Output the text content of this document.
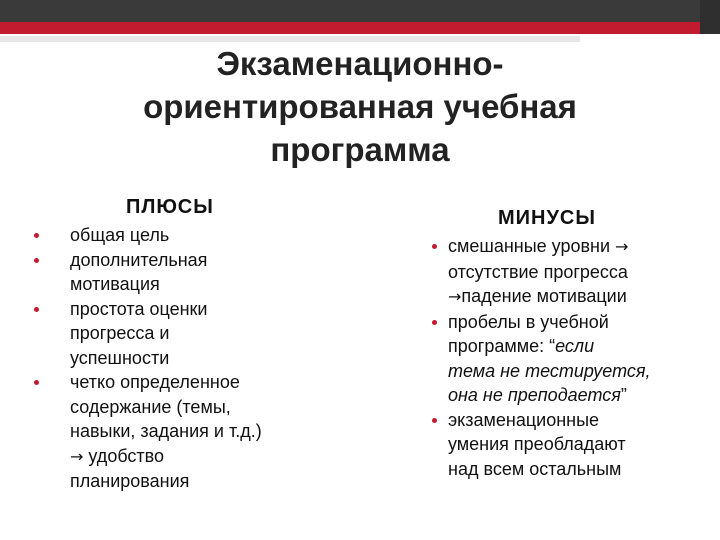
Экзаменационно-
ориентированная учебная
программа
ПЛЮСЫ	МИНУСЫ
общая цель
дополнительная
мотивация
простота оценки
прогресса и
успешности
четко определенное
содержание (темы,
навыки, задания и т.д.)
→ удобство
планирования
смешанные уровни →
отсутствие прогресса
→падение мотивации
пробелы в учебной
программе: “если
тема не тестируется,
она не преподается”
экзаменационные
умения преобладают
над всем остальным
